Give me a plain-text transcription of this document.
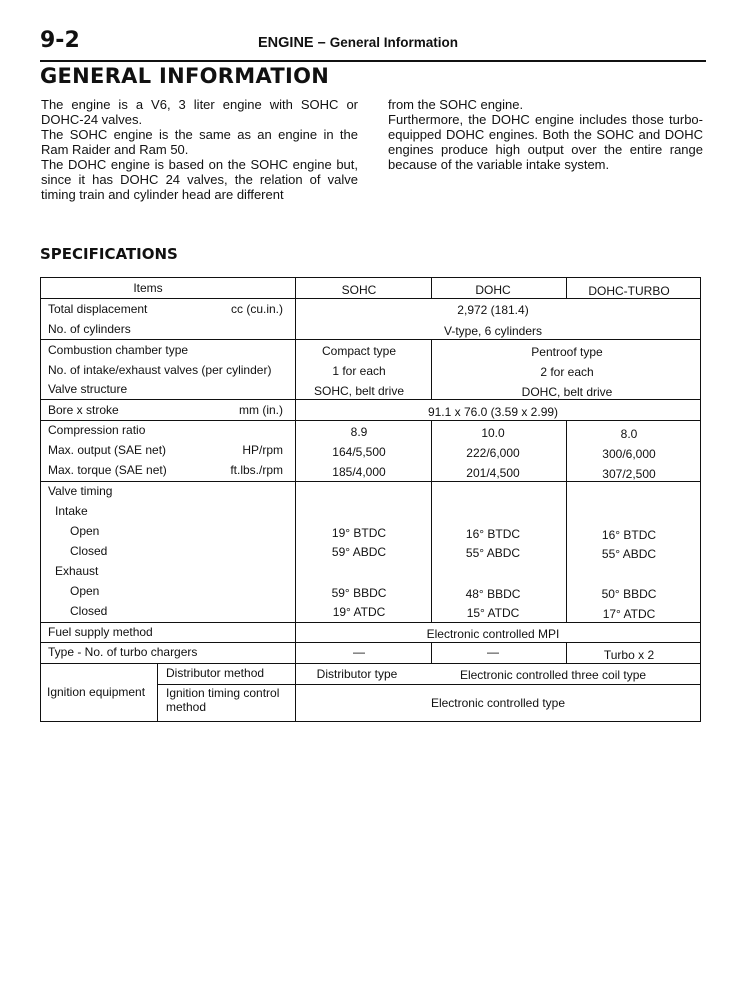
9-2	ENGINE – General Information
GENERAL INFORMATION

The engine is a V6, 3 liter engine with SOHC or DOHC-24 valves.

The SOHC engine is the same as an engine in the Ram Raider and Ram 50.

The DOHC engine is based on the SOHC engine but, since it has DOHC 24 valves, the relation of valve timing train and cylinder head are different

from the SOHC engine.

Furthermore, the DOHC engine includes those turbo-equipped DOHC engines. Both the SOHC and DOHC engines produce high output over the entire range because of the variable intake system.

SPECIFICATIONS
Items	SOHC	DOHC	DOHC-TURBO
Total displacement	cc (cu.in.)	2,972 (181.4)
No. of cylinders	V-type, 6 cylinders
Combustion chamber type	Compact type	Pentroof type
No. of intake/exhaust valves (per cylinder)	1 for each	2 for each
Valve structure	SOHC, belt drive	DOHC, belt drive
Bore x stroke	mm (in.)	91.1 x 76.0 (3.59 x 2.99)
Compression ratio	8.9	10.0	8.0
Max. output (SAE net)	HP/rpm	164/5,500	222/6,000	300/6,000
Max. torque (SAE net)	ft.lbs./rpm	185/4,000	201/4,500	307/2,500
Valve timing
Intake
Open	19° BTDC	16° BTDC	16° BTDC
Closed	59° ABDC	55° ABDC	55° ABDC
Exhaust
Open	59° BBDC	48° BBDC	50° BBDC
Closed	19° ATDC	15° ATDC	17° ATDC
Fuel supply method	Electronic controlled MPI
Type - No. of turbo chargers	—	—	Turbo x 2
Ignition equipment
Distributor method	Distributor type	Electronic controlled three coil type
Ignition timing control method	Electronic controlled type
